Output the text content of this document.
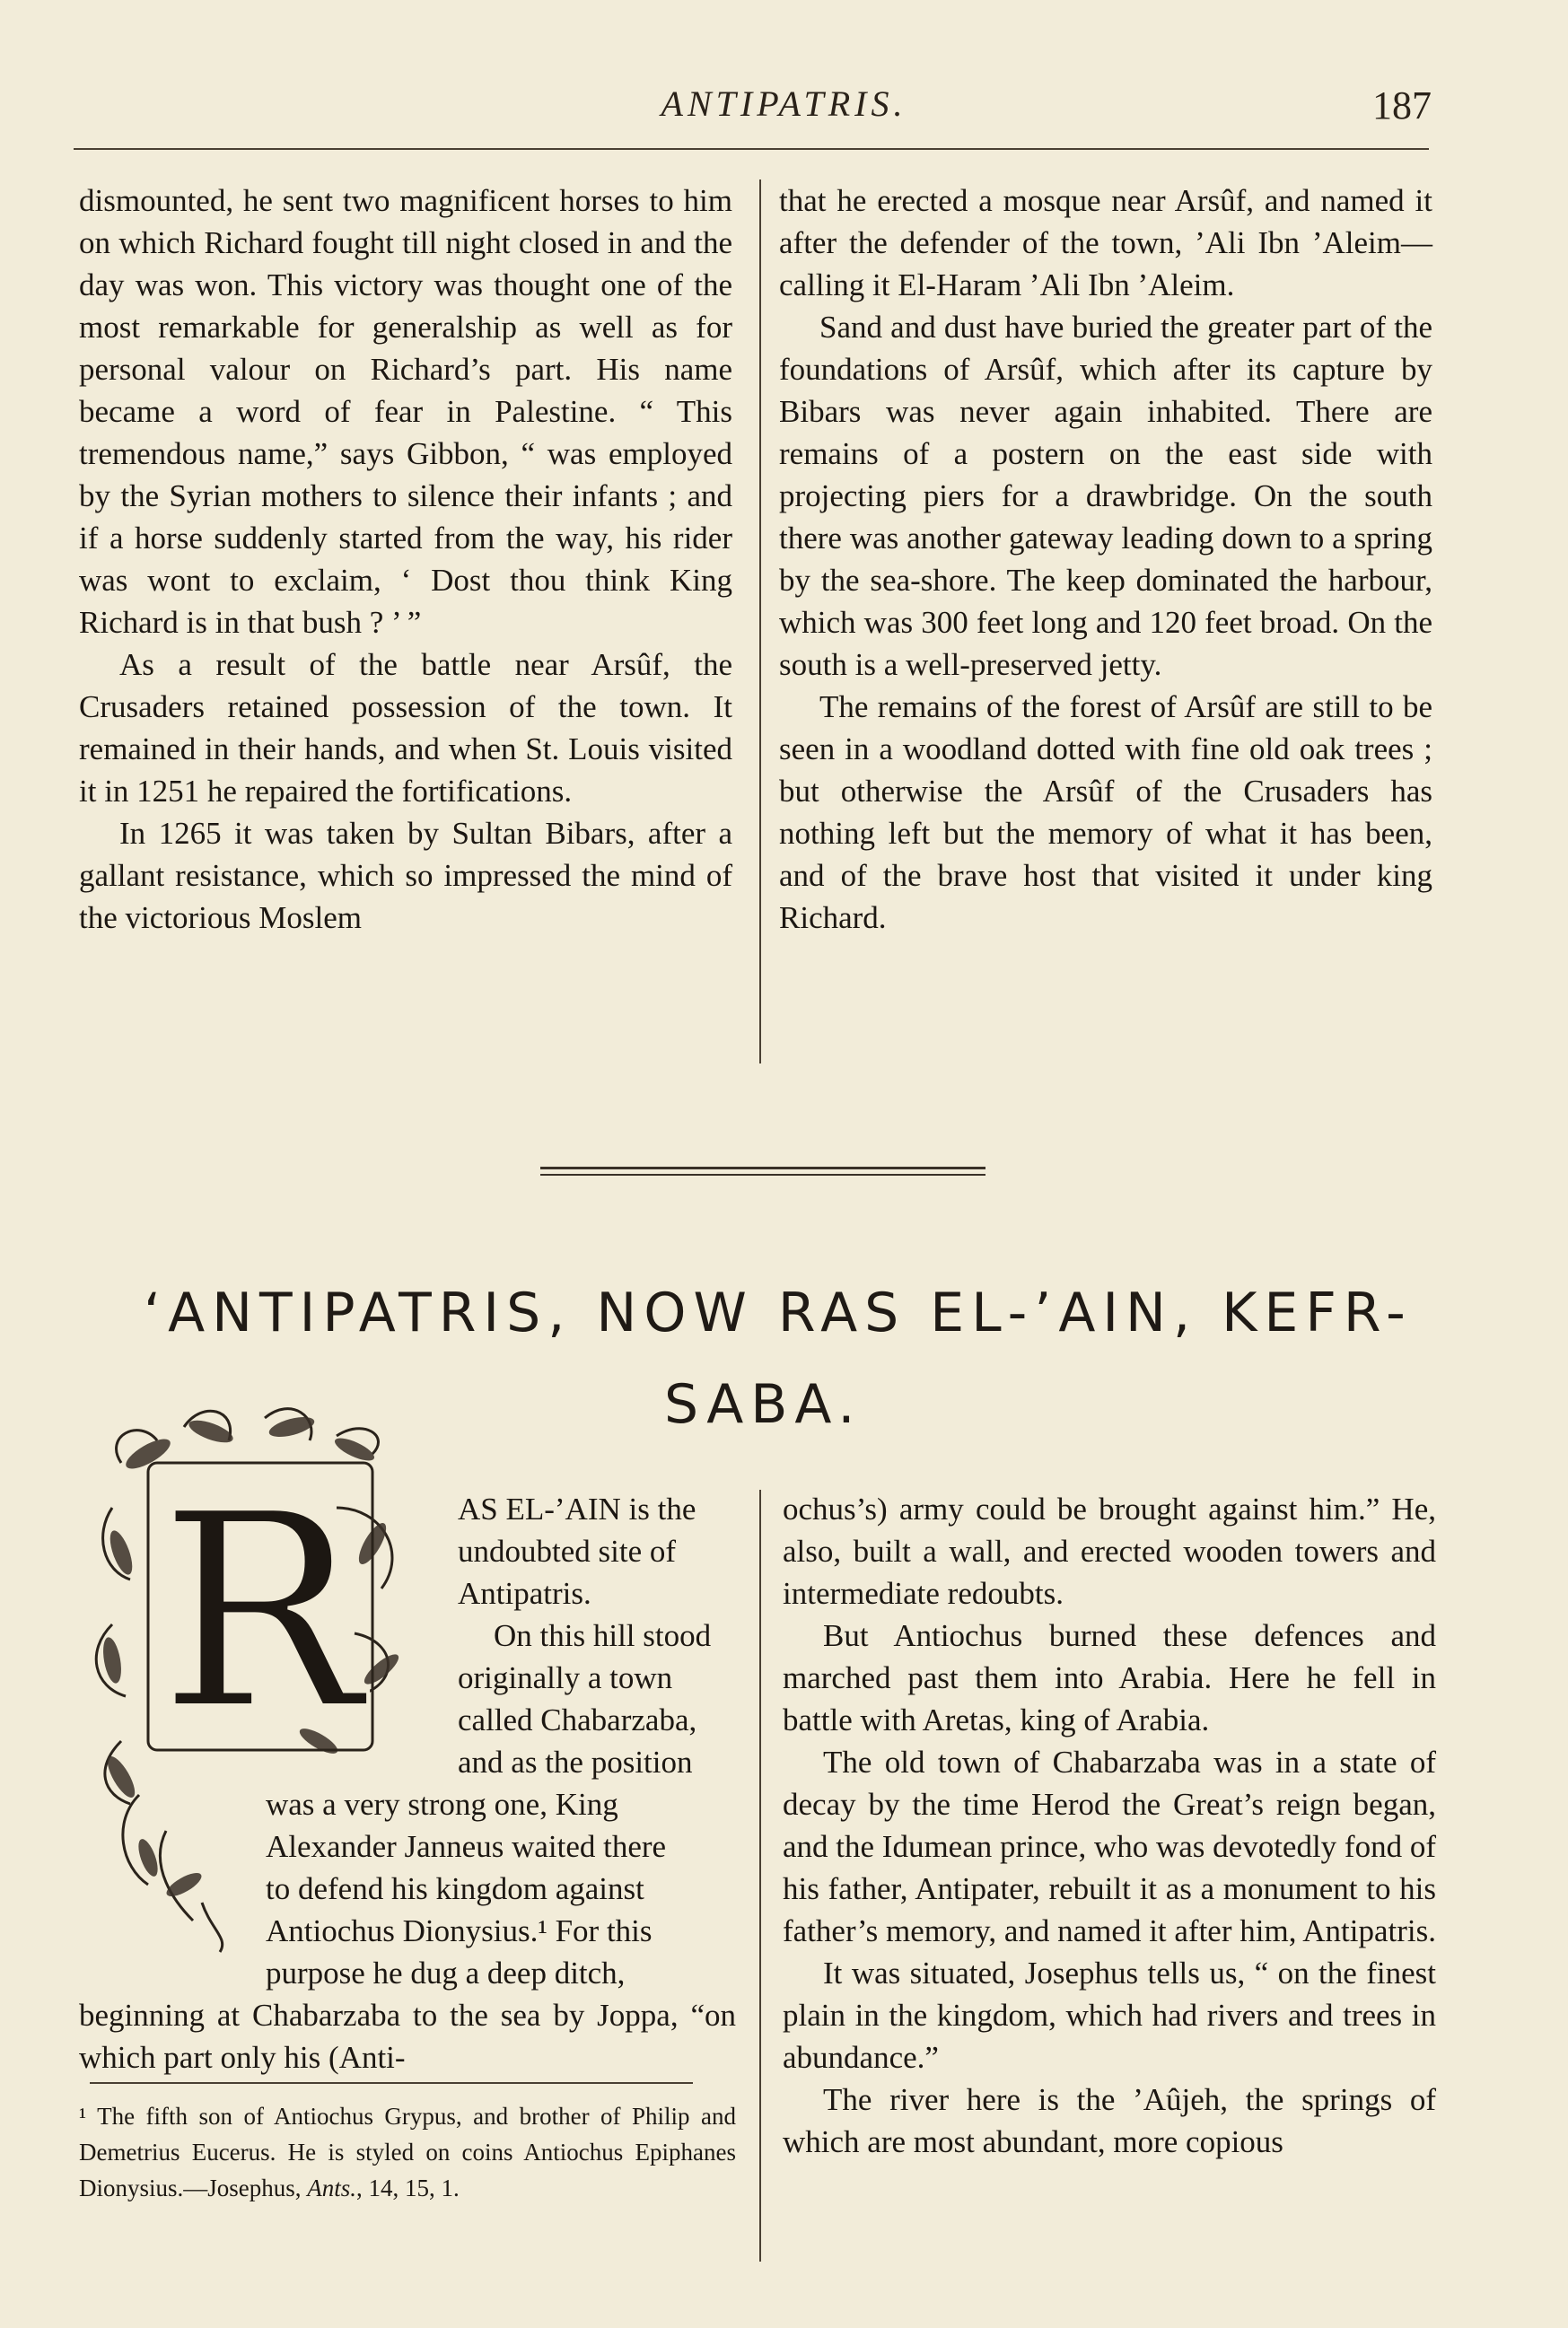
ANTIPATRIS.	187

dismounted, he sent two magnificent horses to him on which Richard fought till night closed in and the day was won. This victory was thought one of the most remarkable for generalship as well as for personal valour on Richard’s part. His name became a word of fear in Palestine. “ This tremendous name,” says Gibbon, “ was employed by the Syrian mothers to silence their infants ; and if a horse suddenly started from the way, his rider was wont to exclaim, ‘ Dost thou think King Richard is in that bush ? ’ ”

As a result of the battle near Arsûf, the Crusaders retained possession of the town. It remained in their hands, and when St. Louis visited it in 1251 he repaired the fortifications.

In 1265 it was taken by Sultan Bibars, after a gallant resistance, which so impressed the mind of the victorious Moslem

that he erected a mosque near Arsûf, and named it after the defender of the town, ’Ali Ibn ’Aleim—calling it El-Haram ’Ali Ibn ’Aleim.

Sand and dust have buried the greater part of the foundations of Arsûf, which after its capture by Bibars was never again inhabited. There are remains of a postern on the east side with projecting piers for a drawbridge. On the south there was another gateway leading down to a spring by the sea-shore. The keep dominated the harbour, which was 300 feet long and 120 feet broad. On the south is a well-preserved jetty.

The remains of the forest of Arsûf are still to be seen in a woodland dotted with fine old oak trees ; but otherwise the Arsûf of the Crusaders has nothing left but the memory of what it has been, and of the brave host that visited it under king Richard.

‘ANTIPATRIS, NOW RAS EL-’AIN, KEFR-
SABA.
R	AS EL-’AIN is the
undoubted site of
Antipatris.
On this hill stood
originally a town
called Chabarzaba,
and as the position
was a very strong one, King
Alexander Janneus waited there
to defend his kingdom against
Antiochus Dionysius.¹ For this
purpose he dug a deep ditch,

beginning at Chabarzaba to the sea by Joppa, “on which part only his (Anti-

¹ The fifth son of Antiochus Grypus, and brother of Philip and Demetrius Eucerus. He is styled on coins Antiochus Epiphanes Dionysius.—Josephus, Ants., 14, 15, 1.

ochus’s) army could be brought against him.” He, also, built a wall, and erected wooden towers and intermediate redoubts.

But Antiochus burned these defences and marched past them into Arabia. Here he fell in battle with Aretas, king of Arabia.

The old town of Chabarzaba was in a state of decay by the time Herod the Great’s reign began, and the Idumean prince, who was devotedly fond of his father, Antipater, rebuilt it as a monument to his father’s memory, and named it after him, Antipatris.

It was situated, Josephus tells us, “ on the finest plain in the kingdom, which had rivers and trees in abundance.”

The river here is the ’Aûjeh, the springs of which are most abundant, more copious
